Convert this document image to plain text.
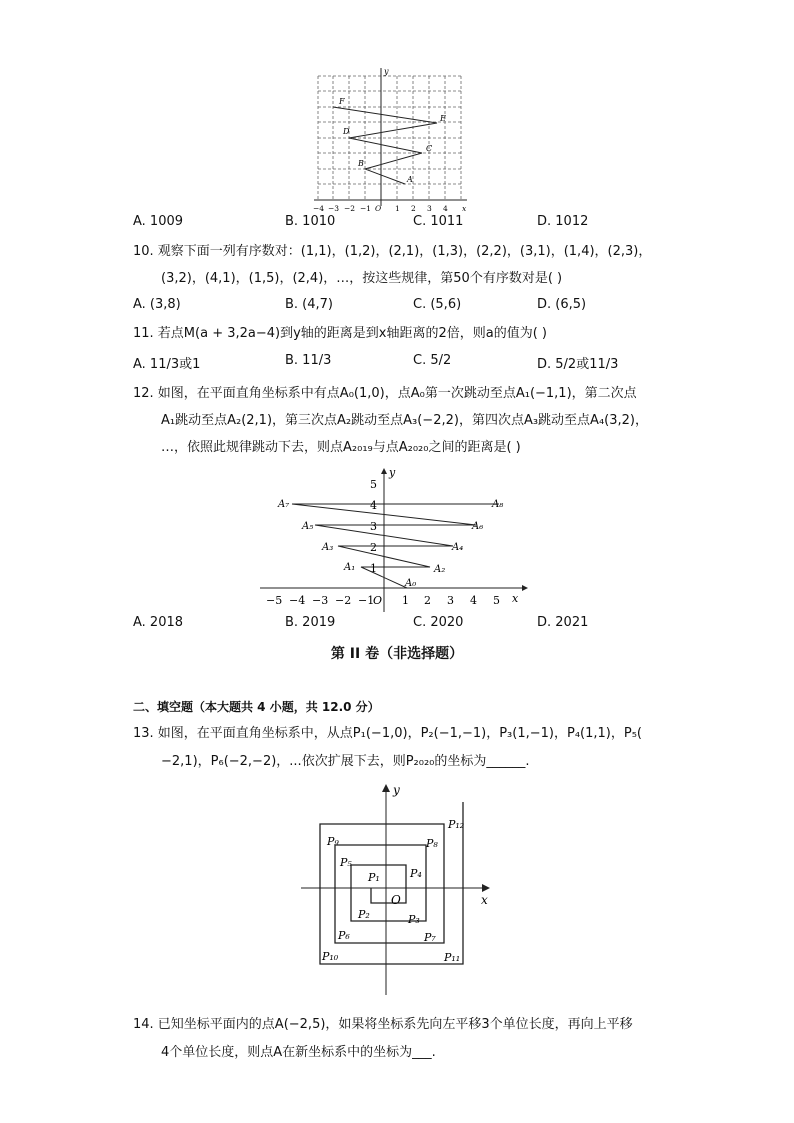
F
E
D
C
B
A
y
−4 −3 −2 −1 O 1 2 3 4 x
A. 1009	B. 1010	C. 1011	D. 1012
10. 观察下面一列有序数对：(1,1)，(1,2)，(2,1)，(1,3)，(2,2)，(3,1)，(1,4)，(2,3)，
(3,2)，(4,1)，(1,5)，(2,4)，…，按这些规律，第50个有序数对是( )
A. (3,8)	B. (4,7)	C. (5,6)	D. (6,5)
11. 若点M(a + 3,2a−4)到y轴的距离是到x轴距离的2倍，则a的值为( )
A. 11/3或1	B. 11/3	C. 5/2	D. 5/2或11/3
12. 如图，在平面直角坐标系中有点A₀(1,0)，点A₀第一次跳动至点A₁(−1,1)，第二次点
A₁跳动至点A₂(2,1)，第三次点A₂跳动至点A₃(−2,2)，第四次点A₃跳动至点A₄(3,2)，
…，依照此规律跳动下去，则点A₂₀₁₉与点A₂₀₂₀之间的距离是( )
1
2
3
4
5
y
x
−5 −4 −3 −2 −1
O 1 2 3 4 5
A₇	A₈
A₅	A₆
A₃	A₄
A₁	A₂
A₀
A. 2018	B. 2019	C. 2020	D. 2021
第 II 卷（非选择题）
二、填空题（本大题共 4 小题，共 12.0 分）
13. 如图，在平面直角坐标系中，从点P₁(−1,0)，P₂(−1,−1)，P₃(1,−1)，P₄(1,1)，P₅(
−2,1)，P₆(−2,−2)，...依次扩展下去，则P₂₀₂₀的坐标为______.
y
x
O
P₁
P₂	P₃
P₄
P₅
P₆	P₇
P₈
P₉
P₁₀	P₁₁
P₁₂
14. 已知坐标平面内的点A(−2,5)，如果将坐标系先向左平移3个单位长度，再向上平移
4个单位长度，则点A在新坐标系中的坐标为___.
